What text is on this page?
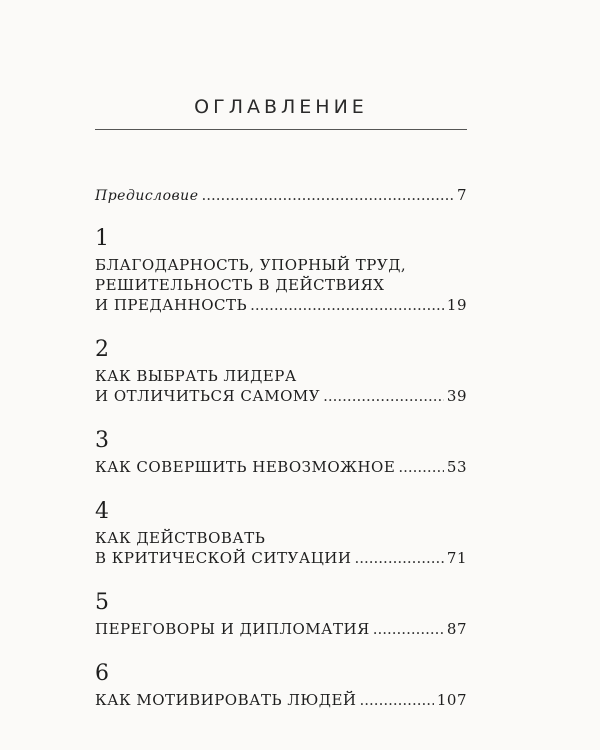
ОГЛАВЛЕНИЕ
Предисловие .....	7
1
БЛАГОДАРНОСТЬ, УПОРНЫЙ ТРУД,
РЕШИТЕЛЬНОСТЬ В ДЕЙСТВИЯХ
И ПРЕДАННОСТЬ .....	19
2
КАК ВЫБРАТЬ ЛИДЕРА
И ОТЛИЧИТЬСЯ САМОМУ .....	39
3
КАК СОВЕРШИТЬ НЕВОЗМОЖНОЕ .....	53
4
КАК ДЕЙСТВОВАТЬ
В КРИТИЧЕСКОЙ СИТУАЦИИ .....	71
5
ПЕРЕГОВОРЫ И ДИПЛОМАТИЯ .....	87
6
КАК МОТИВИРОВАТЬ ЛЮДЕЙ .....	107
